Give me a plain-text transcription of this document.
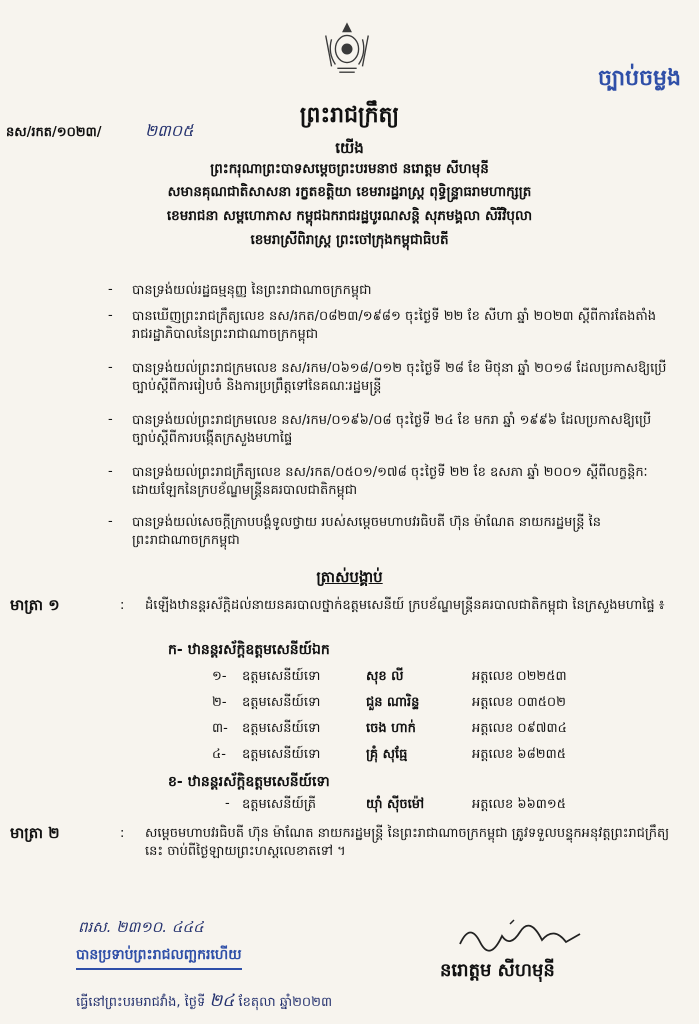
ច្បាប់ចម្លង
ព្រះរាជក្រឹត្យ
នស/រកត/១០២៣/	២៣០៥
យើង
ព្រះករុណាព្រះបាទសម្តេចព្រះបរមនាថ នរោត្តម សីហមុនី
សមានគុណជាតិសាសនា រក្ខតខត្តិយា ខេមរារដ្ឋរាស្ត្រ ពុទ្ធិន្ទ្រាធរាមហាក្សត្រ
ខេមរាជនា សម្ពហោភាស កម្ពុជឯករាជរដ្ឋបូរណសន្តិ សុភមង្គលា សិរីវិបុលា
ខេមរាស្រីពិរាស្ត្រ ព្រះចៅក្រុងកម្ពុជាធិបតី
- បានទ្រង់យល់រដ្ឋធម្មនុញ្ញ នៃព្រះរាជាណាចក្រកម្ពុជា
- បានឃើញព្រះរាជក្រឹត្យលេខ នស/រកត/០៨២៣/១៩៨១ ចុះថ្ងៃទី ២២ ខែ សីហា ឆ្នាំ ២០២៣ ស្តីពីការតែងតាំងរាជរដ្ឋាភិបាលនៃព្រះរាជាណាចក្រកម្ពុជា
- បានទ្រង់យល់ព្រះរាជក្រមលេខ នស/រកម/០៦១៨/០១២ ចុះថ្ងៃទី ២៨ ខែ មិថុនា ឆ្នាំ ២០១៨ ដែលប្រកាសឱ្យប្រើច្បាប់ស្តីពីការរៀបចំ និងការប្រព្រឹត្តទៅនៃគណៈរដ្ឋមន្ត្រី
- បានទ្រង់យល់ព្រះរាជក្រមលេខ នស/រកម/០១៩៦/០៨ ចុះថ្ងៃទី ២៤ ខែ មករា ឆ្នាំ ១៩៩៦ ដែលប្រកាសឱ្យប្រើច្បាប់ស្តីពីការបង្កើតក្រសួងមហាផ្ទៃ
- បានទ្រង់យល់ព្រះរាជក្រឹត្យលេខ នស/រកត/០៥០១/១៧៨ ចុះថ្ងៃទី ២២ ខែ ឧសភា ឆ្នាំ ២០០១ ស្តីពីលក្ខន្តិកៈដោយឡែកនៃក្របខ័ណ្ឌមន្ត្រីនគរបាលជាតិកម្ពុជា
- បានទ្រង់យល់សេចក្តីក្រាបបង្គំទូលថ្វាយ របស់សម្តេចមហាបវរធិបតី ហ៊ុន ម៉ាណែត នាយករដ្ឋមន្ត្រី នៃព្រះរាជាណាចក្រកម្ពុជា
ត្រាស់បង្គាប់
មាត្រា ១	: ដំឡើងឋានន្តរស័ក្តិដល់នាយនគរបាលថ្នាក់ឧត្តមសេនីយ៍ ក្របខ័ណ្ឌមន្ត្រីនគរបាលជាតិកម្ពុជា នៃក្រសួងមហាផ្ទៃ ៖
ក- ឋានន្តរស័ក្តិឧត្តមសេនីយ៍ឯក
១- ឧត្តមសេនីយ៍ទោ	សុខ លី	អត្តលេខ ០២២៥៣
២- ឧត្តមសេនីយ៍ទោ	ជួន ណារិន្ទ	អត្តលេខ ០៣៥០២
៣- ឧត្តមសេនីយ៍ទោ	ចេង ហាក់	អត្តលេខ ០៩៧៣៤
៤- ឧត្តមសេនីយ៍ទោ	គ្រុំ សុធ្មែ	អត្តលេខ ៦៨២៣៥
ខ- ឋានន្តរស័ក្តិឧត្តមសេនីយ៍ទោ
- ឧត្តមសេនីយ៍ត្រី	យ៉ាំ ស៊ីចម៉ៅ	អត្តលេខ ៦៦៣១៥
មាត្រា ២	: សម្តេចមហាបវរធិបតី ហ៊ុន ម៉ាណែត នាយករដ្ឋមន្ត្រី នៃព្រះរាជាណាចក្រកម្ពុជា ត្រូវទទួលបន្ទុកអនុវត្តព្រះរាជក្រឹត្យនេះ ចាប់ពីថ្ងៃឡាយព្រះហស្តលេខាតទៅ ។
ពរស. ២៣១០. ៤៤៤
បានប្រទាប់ព្រះរាជលញ្ឆករហើយ
ធ្វើនៅព្រះបរមរាជវាំង, ថ្ងៃទី ២៤ ខែតុលា ឆ្នាំ២០២៣
នរោត្តម សីហមុនី
